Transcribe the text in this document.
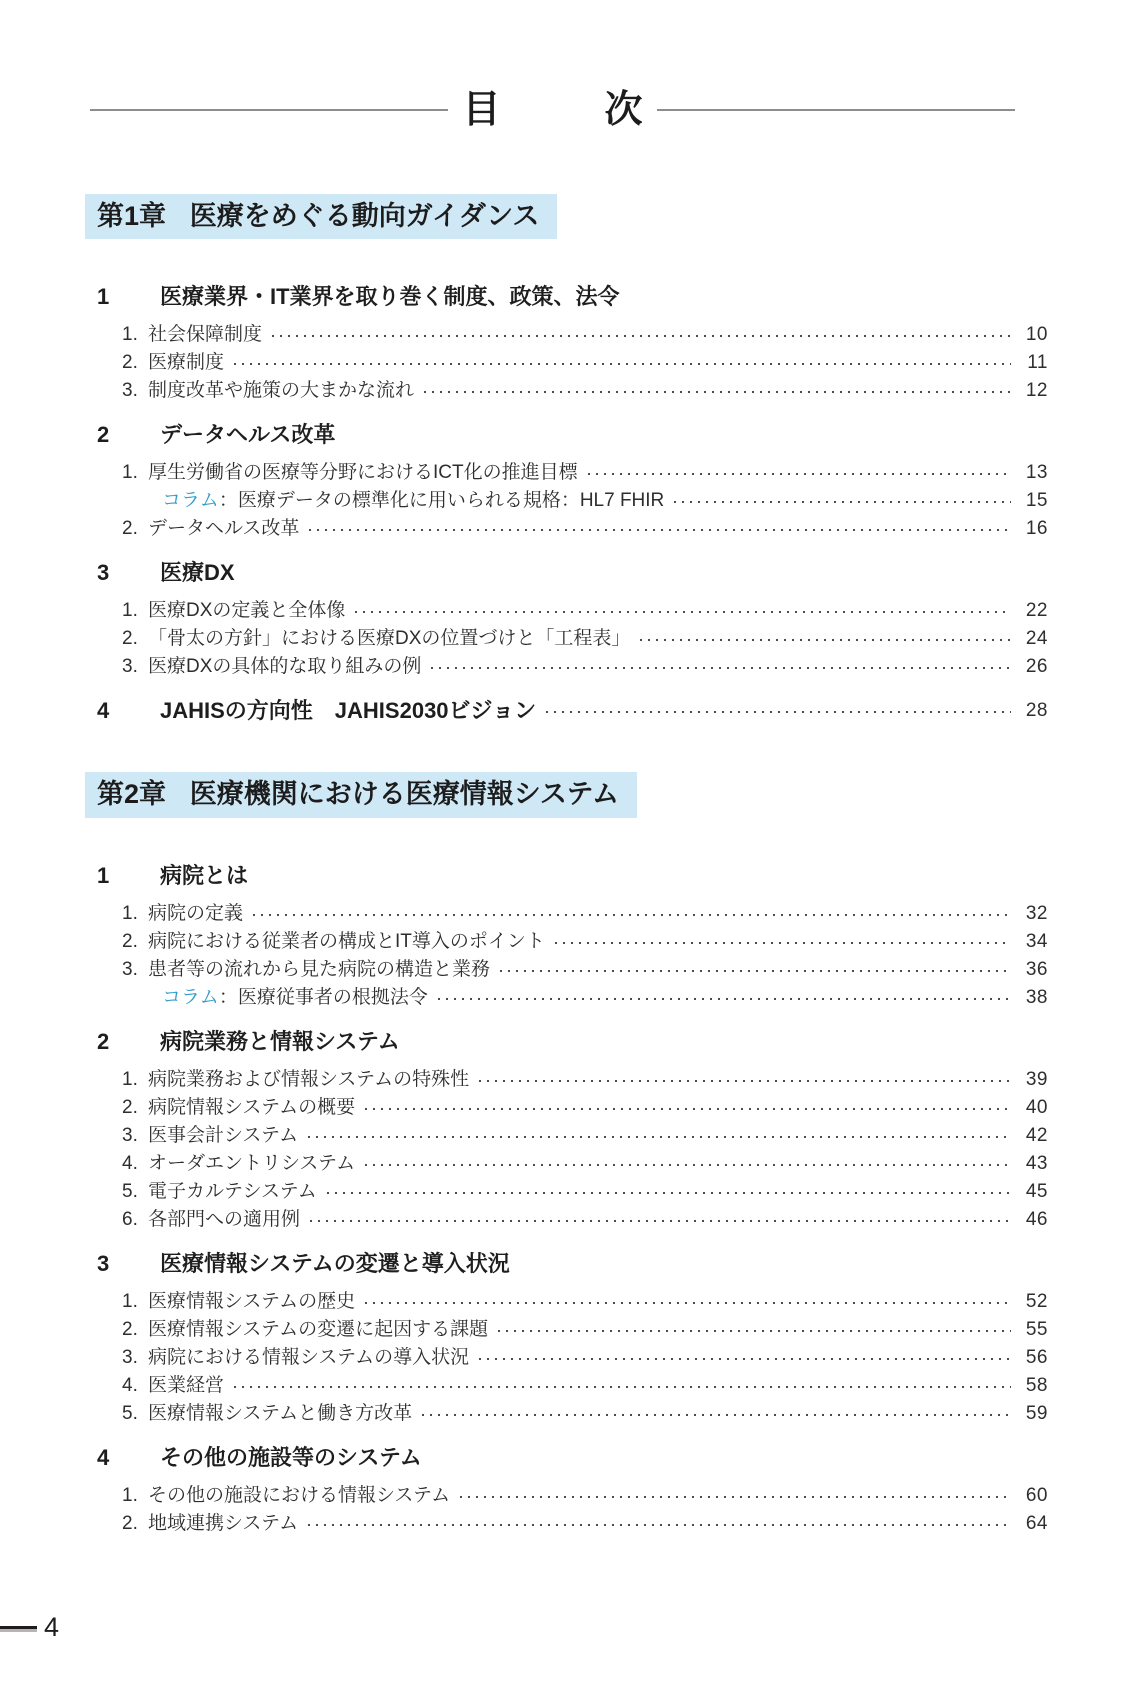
目	次
第1章 医療をめぐる動向ガイダンス
1	医療業界・IT業界を取り巻く制度、政策、法令
1. 社会保障制度	10
2. 医療制度	11
3. 制度改革や施策の大まかな流れ	12
2	データヘルス改革
1. 厚生労働省の医療等分野におけるICT化の推進目標	13
コラム ：医療データの標準化に用いられる規格：HL7 FHIR	15
2. データヘルス改革	16
3	医療DX
1. 医療DXの定義と全体像	22
2. 「骨太の方針」における医療DXの位置づけと「工程表」	24
3. 医療DXの具体的な取り組みの例	26
4	JAHISの方向性　JAHIS2030ビジョン	28
第2章 医療機関における医療情報システム
1	病院とは
1. 病院の定義	32
2. 病院における従業者の構成とIT導入のポイント	34
3. 患者等の流れから見た病院の構造と業務	36
コラム ：医療従事者の根拠法令	38
2	病院業務と情報システム
1. 病院業務および情報システムの特殊性	39
2. 病院情報システムの概要	40
3. 医事会計システム	42
4. オーダエントリシステム	43
5. 電子カルテシステム	45
6. 各部門への適用例	46
3	医療情報システムの変遷と導入状況
1. 医療情報システムの歴史	52
2. 医療情報システムの変遷に起因する課題	55
3. 病院における情報システムの導入状況	56
4. 医業経営	58
5. 医療情報システムと働き方改革	59
4	その他の施設等のシステム
1. その他の施設における情報システム	60
2. 地域連携システム	64
4
